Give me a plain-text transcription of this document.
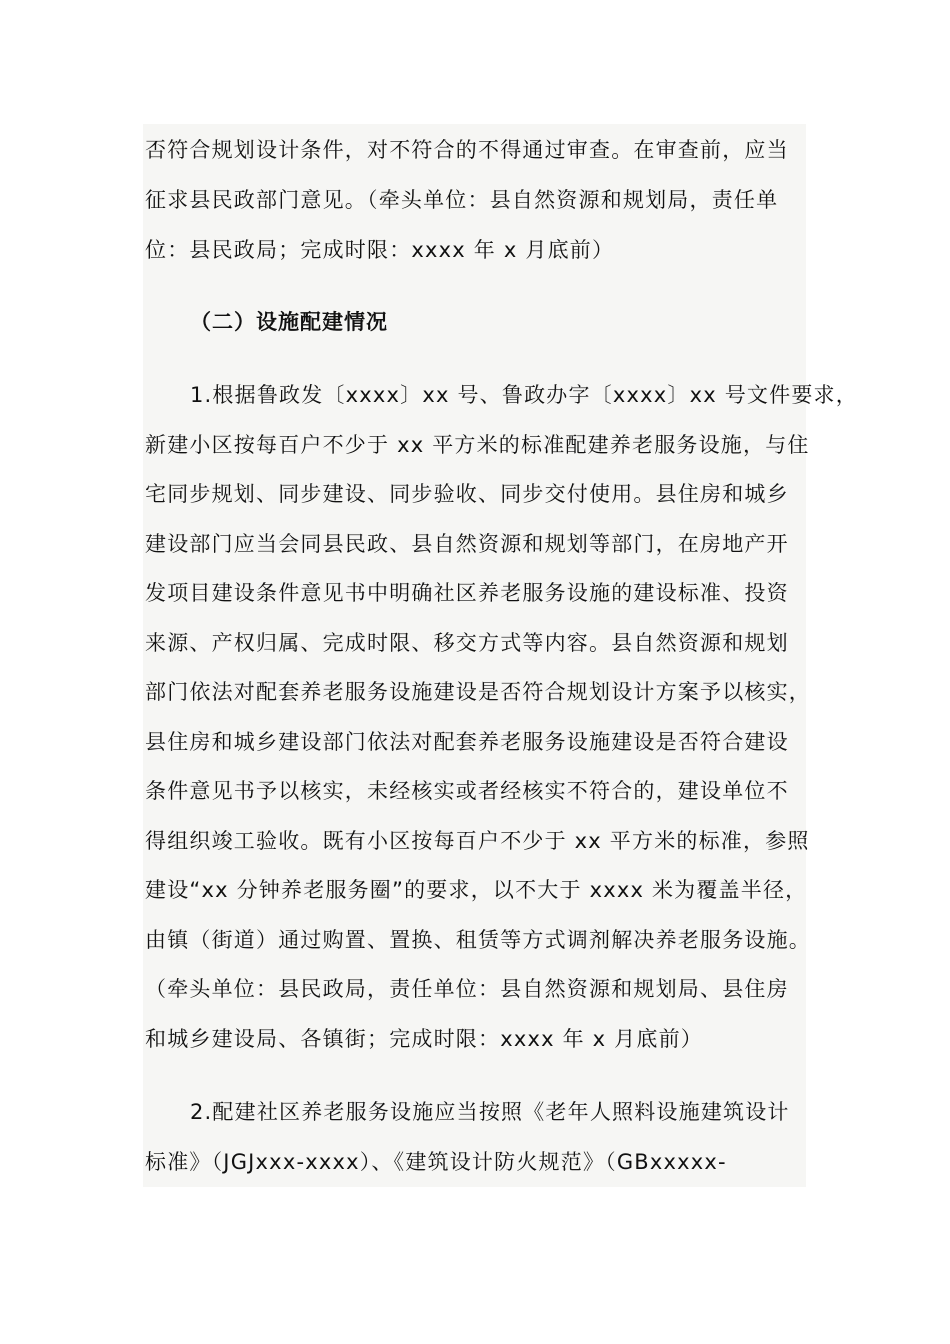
否符合规划设计条件，对不符合的不得通过审查。在审查前，应当
征求县民政部门意见。（牵头单位：县自然资源和规划局，责任单
位：县民政局；完成时限：xxxx 年 x 月底前）
（二）设施配建情况
1.根据鲁政发〔xxxx〕xx 号、鲁政办字〔xxxx〕xx 号文件要求，
新建小区按每百户不少于 xx 平方米的标准配建养老服务设施，与住
宅同步规划、同步建设、同步验收、同步交付使用。县住房和城乡
建设部门应当会同县民政、县自然资源和规划等部门，在房地产开
发项目建设条件意见书中明确社区养老服务设施的建设标准、投资
来源、产权归属、完成时限、移交方式等内容。县自然资源和规划
部门依法对配套养老服务设施建设是否符合规划设计方案予以核实，
县住房和城乡建设部门依法对配套养老服务设施建设是否符合建设
条件意见书予以核实，未经核实或者经核实不符合的，建设单位不
得组织竣工验收。既有小区按每百户不少于 xx 平方米的标准，参照
建设“xx 分钟养老服务圈”的要求，以不大于 xxxx 米为覆盖半径，
由镇（街道）通过购置、置换、租赁等方式调剂解决养老服务设施。
（牵头单位：县民政局，责任单位：县自然资源和规划局、县住房
和城乡建设局、各镇街；完成时限：xxxx 年 x 月底前）
2.配建社区养老服务设施应当按照《老年人照料设施建筑设计
标准》（JGJxxx-xxxx）、《建筑设计防火规范》（GBxxxxx-
